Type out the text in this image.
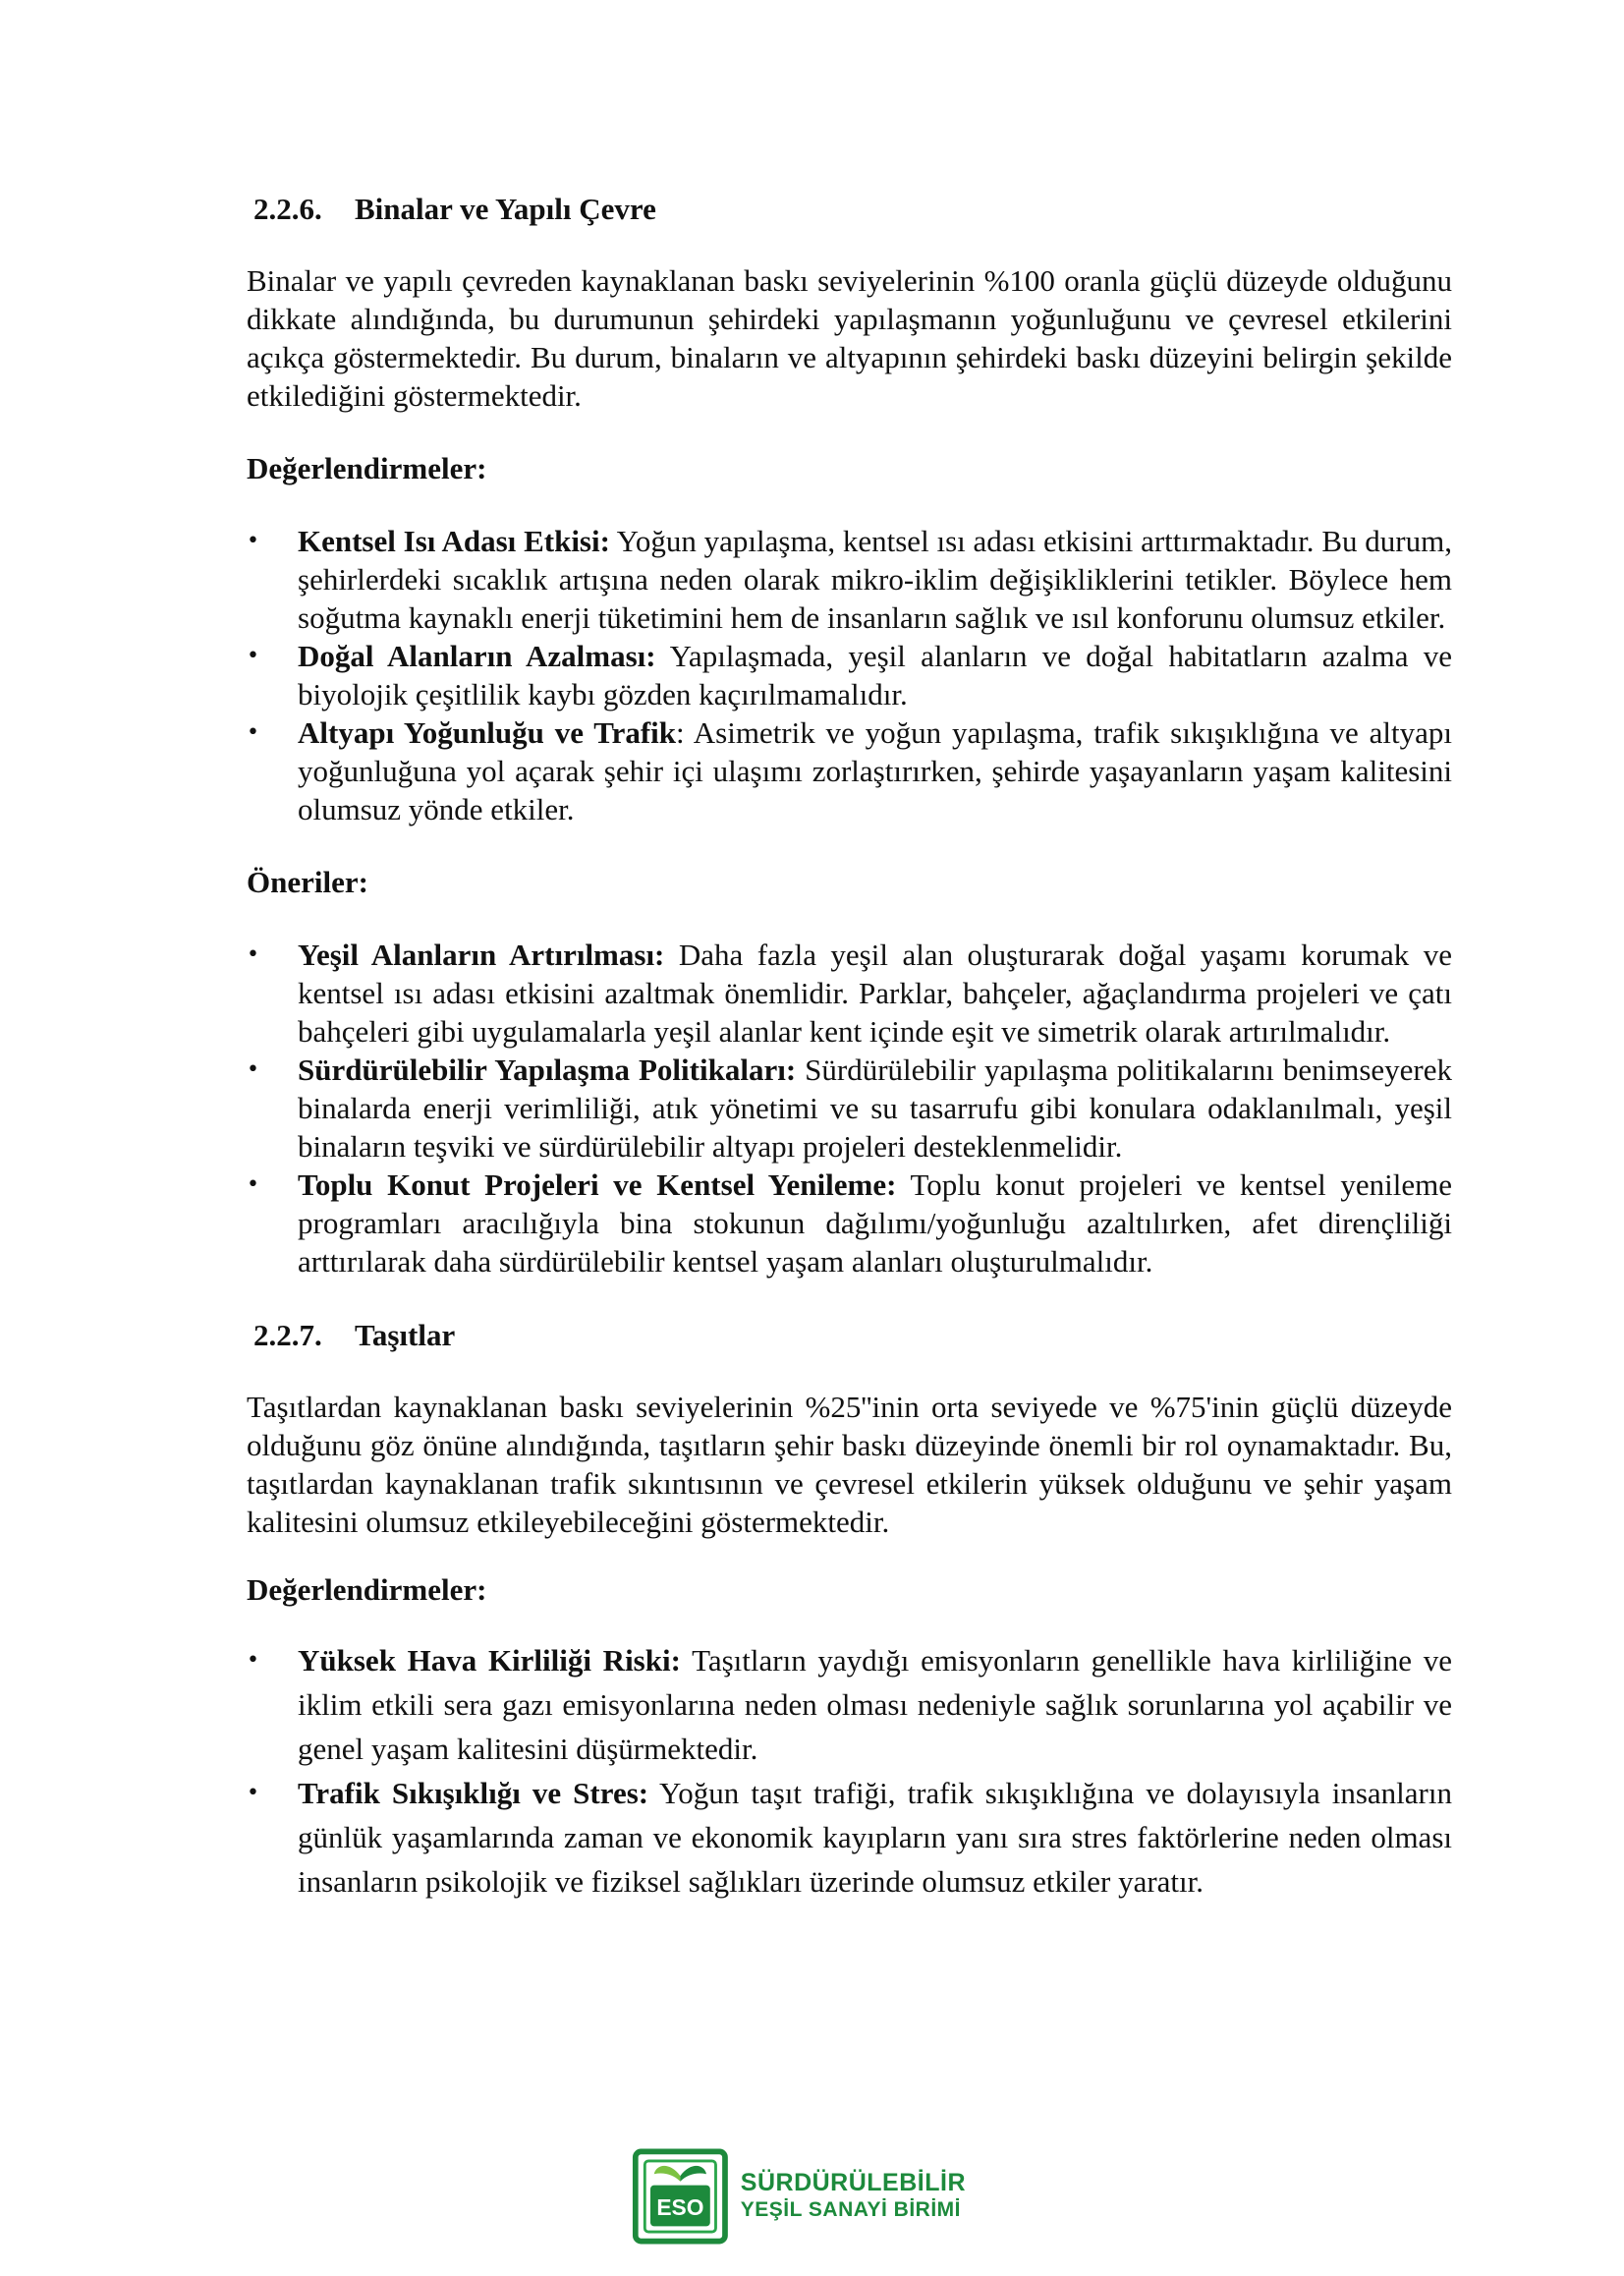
2.2.6. Binalar ve Yapılı Çevre

Binalar ve yapılı çevreden kaynaklanan baskı seviyelerinin %100 oranla güçlü düzeyde olduğunu dikkate alındığında, bu durumunun şehirdeki yapılaşmanın yoğunluğunu ve çevresel etkilerini açıkça göstermektedir. Bu durum, binaların ve altyapının şehirdeki baskı düzeyini belirgin şekilde etkilediğini göstermektedir.

Değerlendirmeler:

• Kentsel Isı Adası Etkisi: Yoğun yapılaşma, kentsel ısı adası etkisini arttırmaktadır. Bu durum, şehirlerdeki sıcaklık artışına neden olarak mikro-iklim değişikliklerini tetikler. Böylece hem soğutma kaynaklı enerji tüketimini hem de insanların sağlık ve ısıl konforunu olumsuz etkiler.
• Doğal Alanların Azalması: Yapılaşmada, yeşil alanların ve doğal habitatların azalma ve biyolojik çeşitlilik kaybı gözden kaçırılmamalıdır.
• Altyapı Yoğunluğu ve Trafik: Asimetrik ve yoğun yapılaşma, trafik sıkışıklığına ve altyapı yoğunluğuna yol açarak şehir içi ulaşımı zorlaştırırken, şehirde yaşayanların yaşam kalitesini olumsuz yönde etkiler.

Öneriler:

• Yeşil Alanların Artırılması: Daha fazla yeşil alan oluşturarak doğal yaşamı korumak ve kentsel ısı adası etkisini azaltmak önemlidir. Parklar, bahçeler, ağaçlandırma projeleri ve çatı bahçeleri gibi uygulamalarla yeşil alanlar kent içinde eşit ve simetrik olarak artırılmalıdır.
• Sürdürülebilir Yapılaşma Politikaları: Sürdürülebilir yapılaşma politikalarını benimseyerek binalarda enerji verimliliği, atık yönetimi ve su tasarrufu gibi konulara odaklanılmalı, yeşil binaların teşviki ve sürdürülebilir altyapı projeleri desteklenmelidir.
• Toplu Konut Projeleri ve Kentsel Yenileme: Toplu konut projeleri ve kentsel yenileme programları aracılığıyla bina stokunun dağılımı/yoğunluğu azaltılırken, afet dirençliliği arttırılarak daha sürdürülebilir kentsel yaşam alanları oluşturulmalıdır.
2.2.7. Taşıtlar

Taşıtlardan kaynaklanan baskı seviyelerinin %25''inin orta seviyede ve %75'inin güçlü düzeyde olduğunu göz önüne alındığında, taşıtların şehir baskı düzeyinde önemli bir rol oynamaktadır. Bu, taşıtlardan kaynaklanan trafik sıkıntısının ve çevresel etkilerin yüksek olduğunu ve şehir yaşam kalitesini olumsuz etkileyebileceğini göstermektedir.

Değerlendirmeler:

• Yüksek Hava Kirliliği Riski: Taşıtların yaydığı emisyonların genellikle hava kirliliğine ve iklim etkili sera gazı emisyonlarına neden olması nedeniyle sağlık sorunlarına yol açabilir ve genel yaşam kalitesini düşürmektedir.
• Trafik Sıkışıklığı ve Stres: Yoğun taşıt trafiği, trafik sıkışıklığına ve dolayısıyla insanların günlük yaşamlarında zaman ve ekonomik kayıpların yanı sıra stres faktörlerine neden olması insanların psikolojik ve fiziksel sağlıkları üzerinde olumsuz etkiler yaratır.
ESO
SÜRDÜRÜLEBİLİR
YEŞİL SANAYİ BİRİMİ
